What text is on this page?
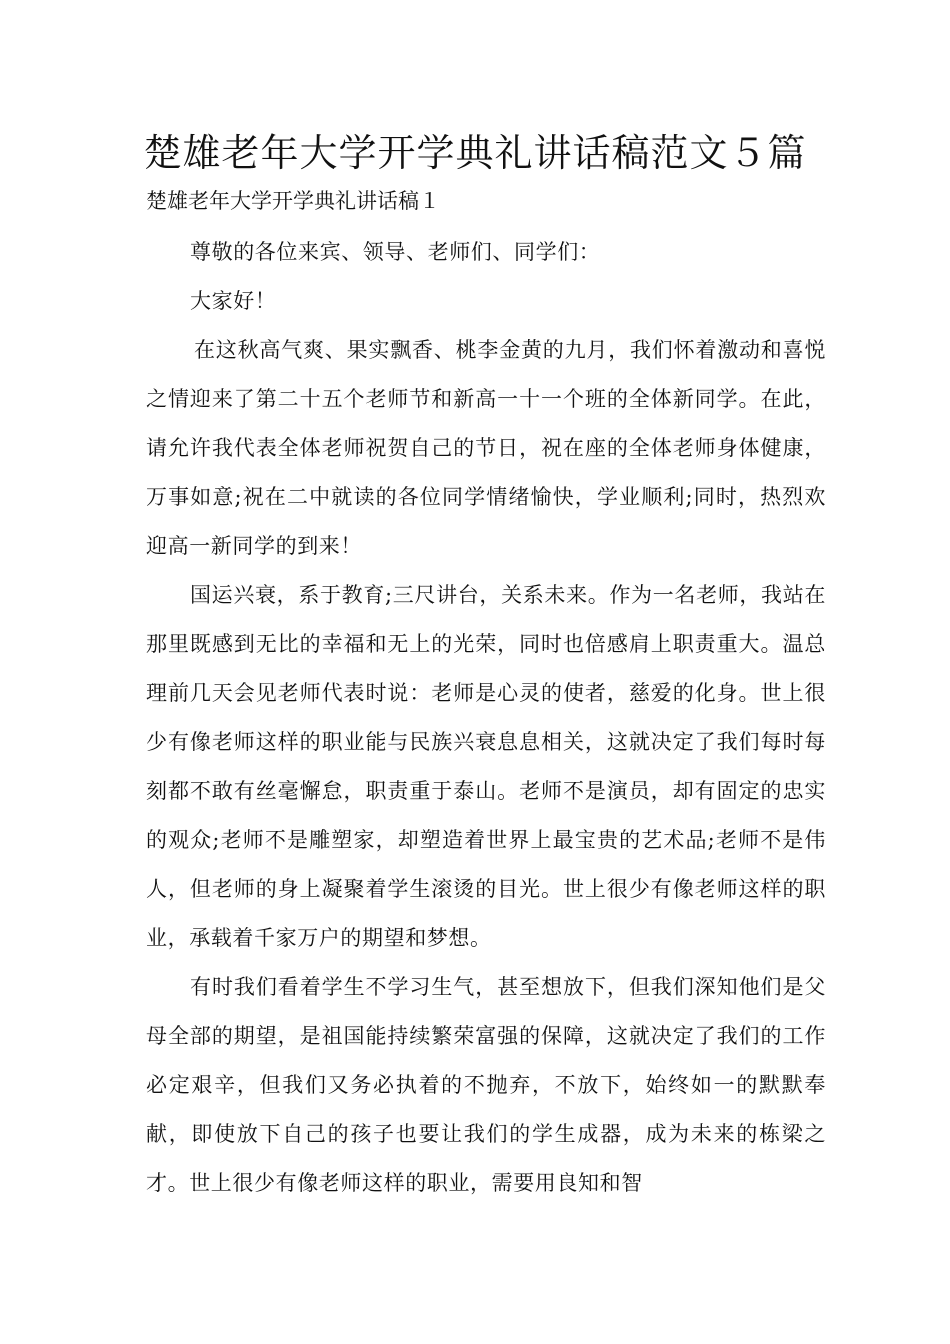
楚雄老年大学开学典礼讲话稿范文５篇

楚雄老年大学开学典礼讲话稿１

尊敬的各位来宾、领导、老师们、同学们：

大家好！

在这秋高气爽、果实飘香、桃李金黄的九月，我们怀着激动和喜悦之情迎来了第二十五个老师节和新高一十一个班的全体新同学。在此，请允许我代表全体老师祝贺自己的节日，祝在座的全体老师身体健康，万事如意;祝在二中就读的各位同学情绪愉快，学业顺利;同时，热烈欢迎高一新同学的到来！

国运兴衰，系于教育;三尺讲台，关系未来。作为一名老师，我站在那里既感到无比的幸福和无上的光荣，同时也倍感肩上职责重大。温总理前几天会见老师代表时说：老师是心灵的使者，慈爱的化身。世上很少有像老师这样的职业能与民族兴衰息息相关，这就决定了我们每时每刻都不敢有丝毫懈怠，职责重于泰山。老师不是演员，却有固定的忠实的观众;老师不是雕塑家，却塑造着世界上最宝贵的艺术品;老师不是伟人，但老师的身上凝聚着学生滚烫的目光。世上很少有像老师这样的职业，承载着千家万户的期望和梦想。

有时我们看着学生不学习生气，甚至想放下，但我们深知他们是父母全部的期望，是祖国能持续繁荣富强的保障，这就决定了我们的工作必定艰辛，但我们又务必执着的不抛弃，不放下，始终如一的默默奉献，即使放下自己的孩子也要让我们的学生成器，成为未来的栋梁之才。世上很少有像老师这样的职业，需要用良知和智
